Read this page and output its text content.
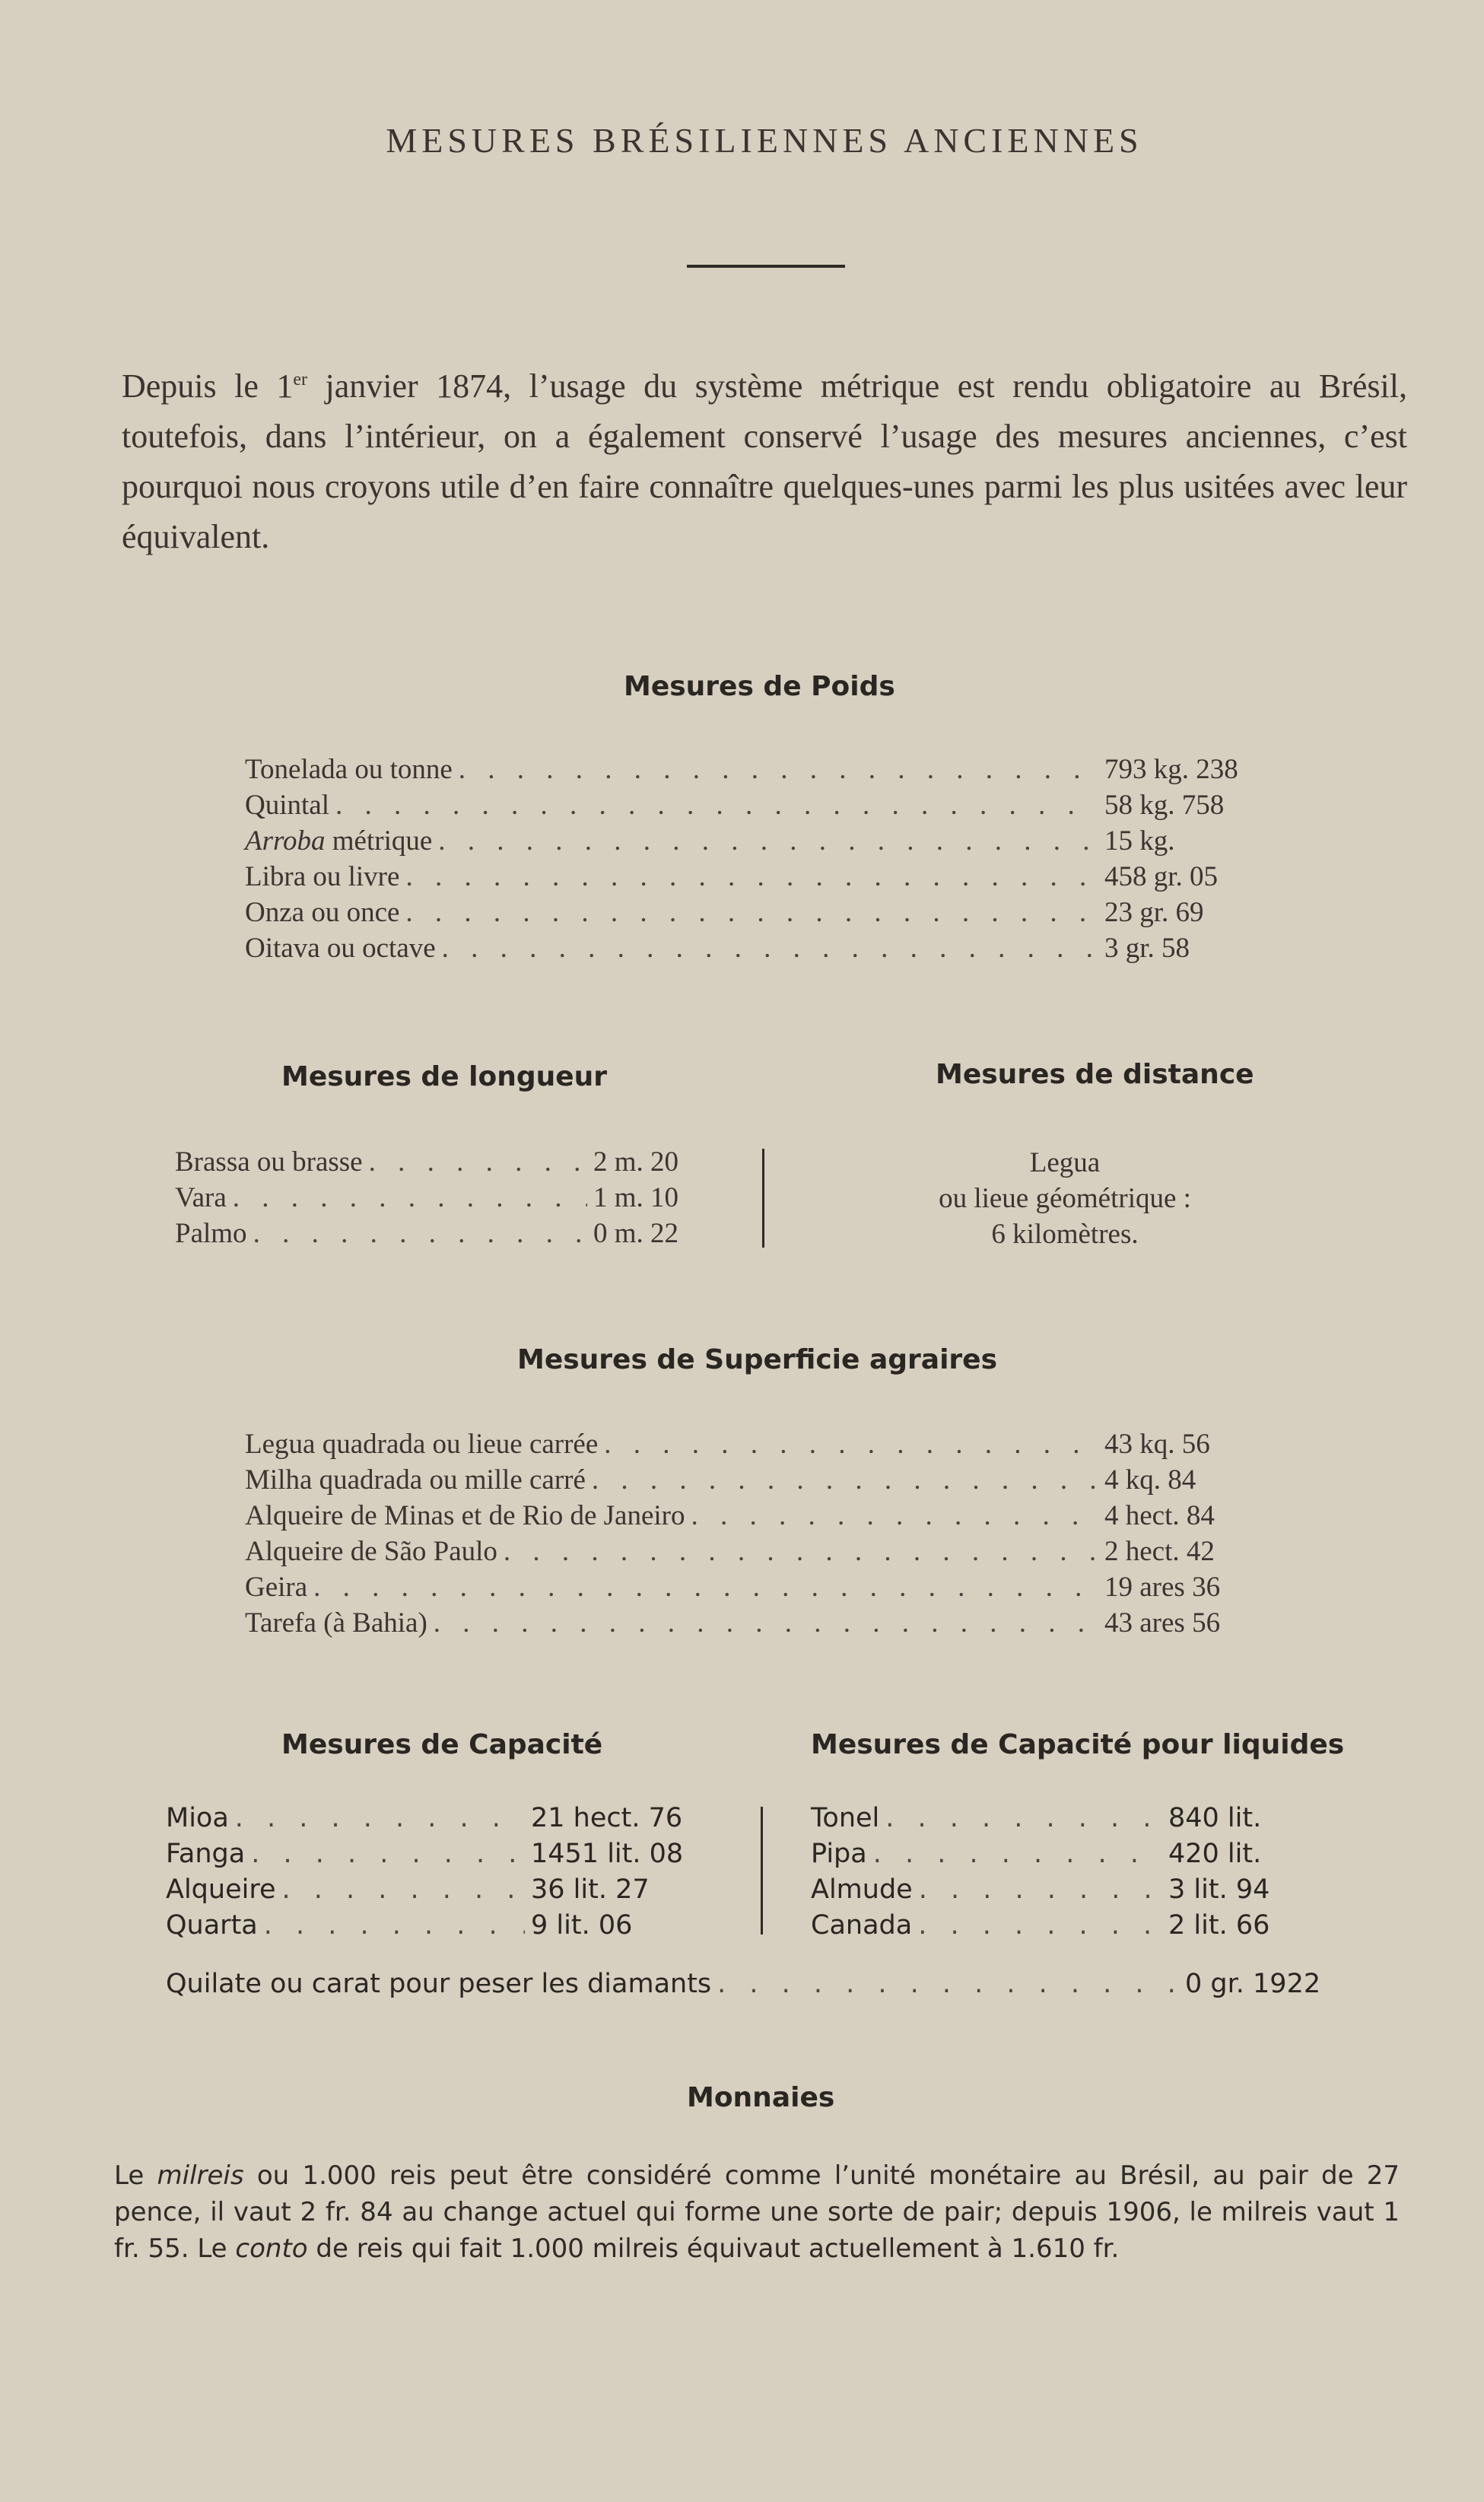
MESURES BRÉSILIENNES ANCIENNES
Depuis le 1er janvier 1874, l’usage du système métrique est rendu obligatoire au Brésil, toutefois, dans l’intérieur, on a également conservé l’usage des mesures anciennes, c’est pourquoi nous croyons utile d’en faire connaître quelques-unes parmi les plus usitées avec leur équivalent.
Mesures de Poids
Tonelada ou tonne . . .	793 kg. 238
Quintal . . .	58 kg. 758
Arroba métrique . . .	15 kg.
Libra ou livre . . .	458 gr. 05
Onza ou once . . .	23 gr. 69
Oitava ou octave . . .	3 gr. 58
Mesures de longueur	Mesures de distance
Brassa ou brasse . . .	2 m. 20
Vara . . .	1 m. 10
Palmo . . .	0 m. 22
Legua
ou lieue géométrique :
6 kilomètres.
Mesures de Superficie agraires
Legua quadrada ou lieue carrée . . .	43 kq. 56
Milha quadrada ou mille carré . . .	4 kq. 84
Alqueire de Minas et de Rio de Janeiro . . .	4 hect. 84
Alqueire de São Paulo . . .	2 hect. 42
Geira . . .	19 ares 36
Tarefa (à Bahia) . . .	43 ares 56
Mesures de Capacité	Mesures de Capacité pour liquides
Mioa . . .	21 hect. 76
Fanga . . .	1451 lit. 08
Alqueire . . .	36 lit. 27
Quarta . . .	9 lit. 06
Tonel . . .	840 lit.
Pipa . . .	420 lit.
Almude . . .	3 lit. 94
Canada . . .	2 lit. 66
Quilate ou carat pour peser les diamants . . .	0 gr. 1922
Monnaies
Le milreis ou 1.000 reis peut être considéré comme l’unité monétaire au Brésil, au pair de 27 pence, il vaut 2 fr. 84 au change actuel qui forme une sorte de pair; depuis 1906, le milreis vaut 1 fr. 55. Le conto de reis qui fait 1.000 milreis équivaut actuellement à 1.610 fr.
